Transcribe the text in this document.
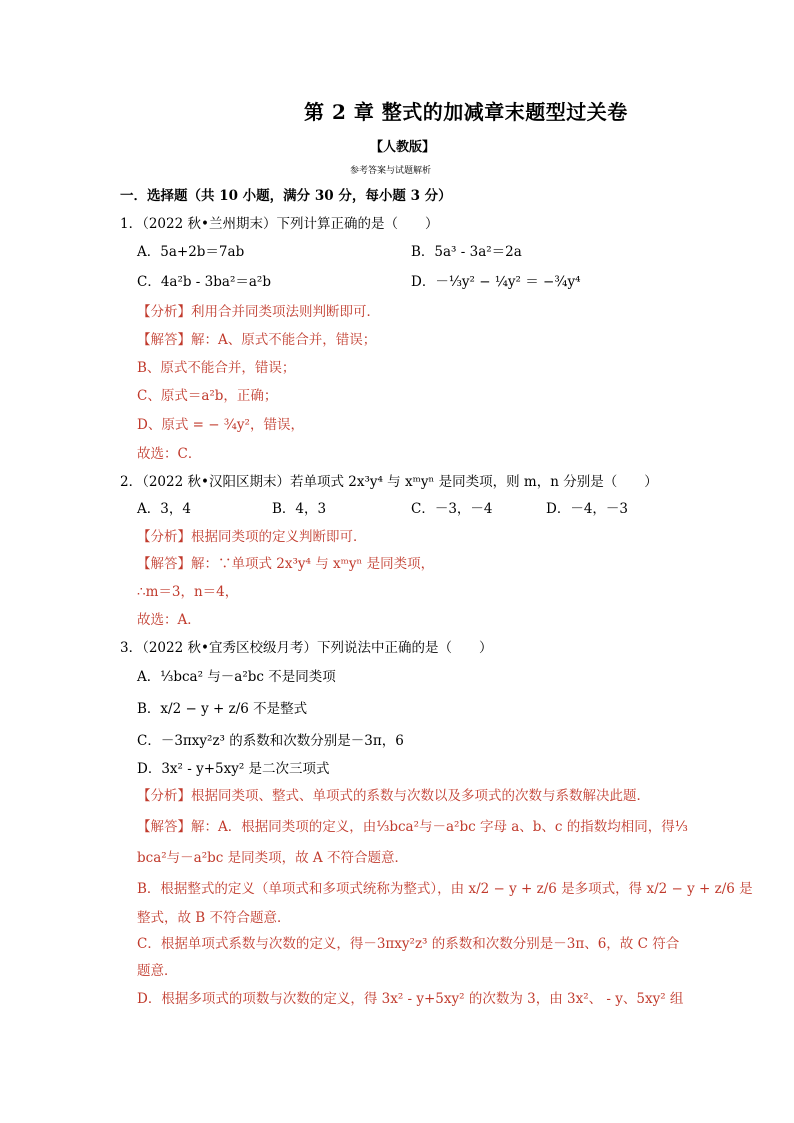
第 2 章 整式的加减章末题型过关卷
【人教版】
参考答案与试题解析
一．选择题（共 10 小题，满分 30 分，每小题 3 分）
1．（2022 秋•兰州期末）下列计算正确的是（　　）
A．5a+2b＝7ab	B．5a³ - 3a²＝2a
C．4a²b - 3ba²＝a²b	D．－⅓y² − ¼y² ＝ −¾y⁴
【分析】利用合并同类项法则判断即可．
【解答】解：A、原式不能合并，错误；
B、原式不能合并，错误；
C、原式＝a²b，正确；
D、原式 = − ¾y²，错误，
故选：C．
2．（2022 秋•汉阳区期末）若单项式 2x³y⁴ 与 xᵐyⁿ 是同类项，则 m，n 分别是（　　）
A．3，4	B．4，3	C．－3，－4	D．－4，－3
【分析】根据同类项的定义判断即可．
【解答】解：∵单项式 2x³y⁴ 与 xᵐyⁿ 是同类项，
∴m＝3，n＝4，
故选：A．
3．（2022 秋•宜秀区校级月考）下列说法中正确的是（　　）
A．⅓bca² 与－a²bc 不是同类项
B．x/2 − y + z/6 不是整式
C．－3πxy²z³ 的系数和次数分别是－3π，6
D．3x² - y+5xy² 是二次三项式
【分析】根据同类项、整式、单项式的系数与次数以及多项式的次数与系数解决此题．
【解答】解：A．根据同类项的定义，由⅓bca²与－a²bc 字母 a、b、c 的指数均相同，得⅓
bca²与－a²bc 是同类项，故 A 不符合题意．
B．根据整式的定义（单项式和多项式统称为整式），由 x/2 − y + z/6 是多项式，得 x/2 − y + z/6 是
整式，故 B 不符合题意．
C．根据单项式系数与次数的定义，得－3πxy²z³ 的系数和次数分别是－3π、6，故 C 符合
题意．
D．根据多项式的项数与次数的定义，得 3x² - y+5xy² 的次数为 3，由 3x²、 - y、5xy² 组
